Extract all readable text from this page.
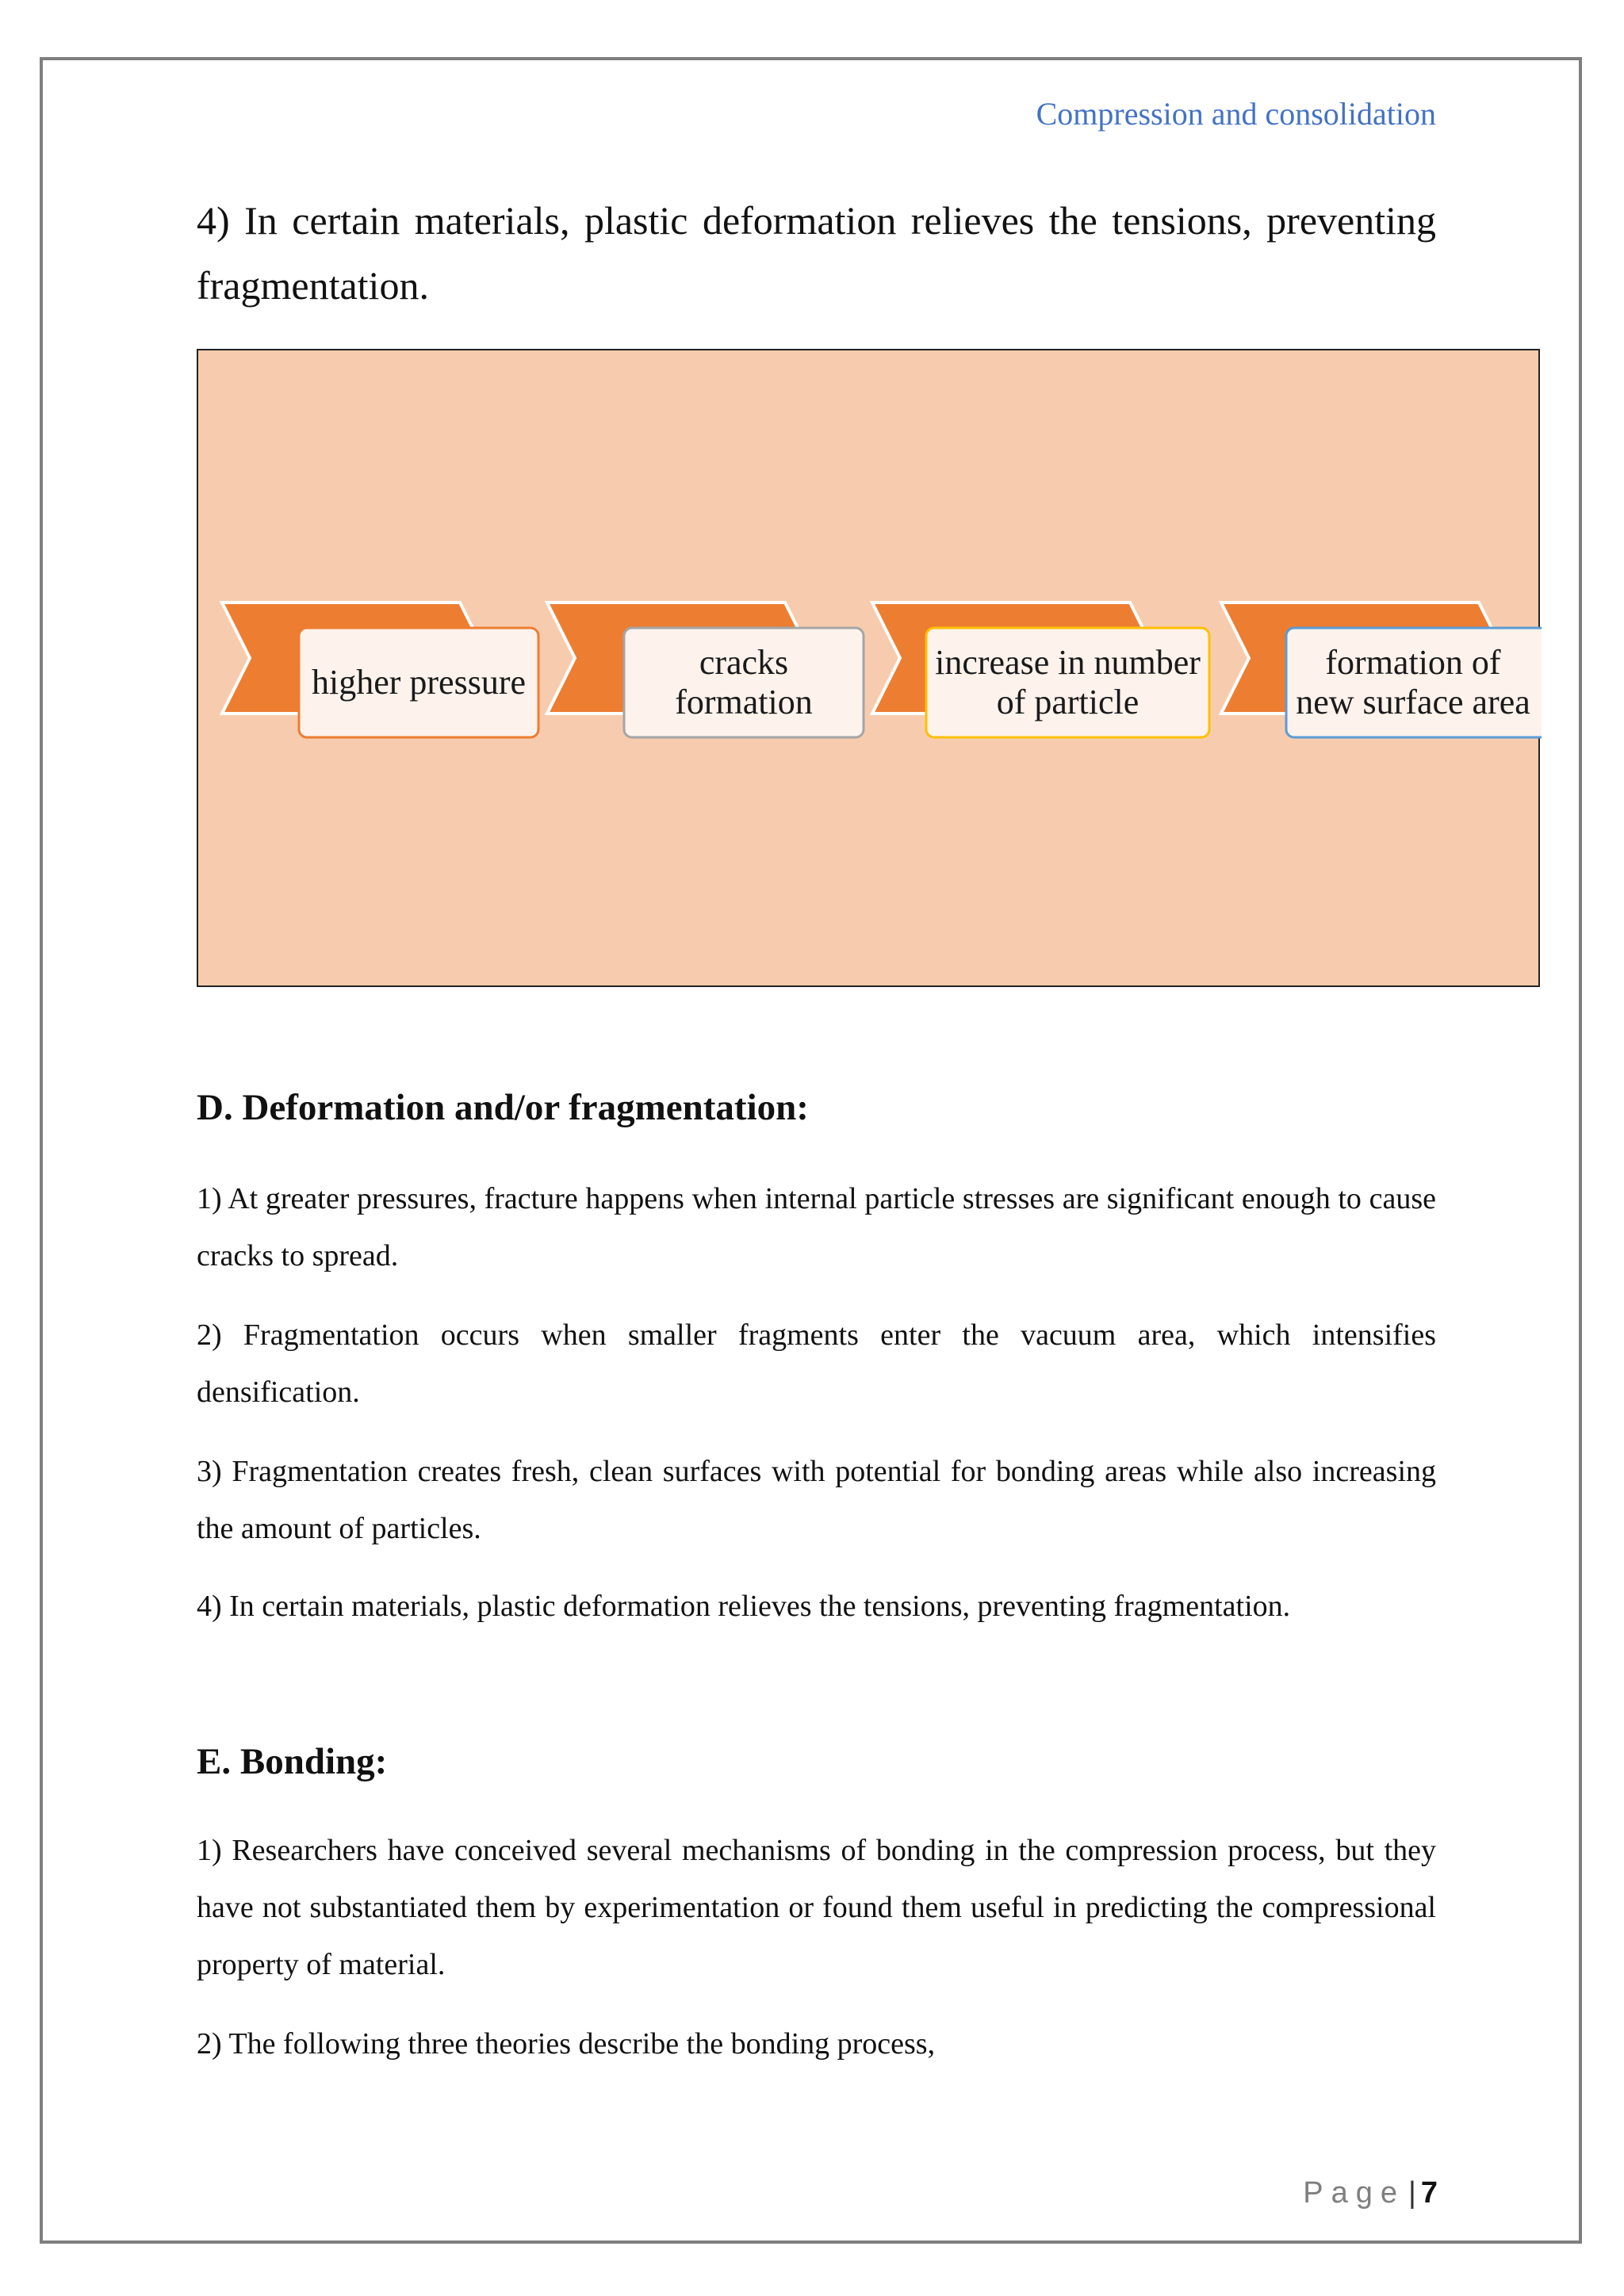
Compression and consolidation
4) In certain materials, plastic deformation relieves the tensions, preventing fragmentation.
higher pressure
cracks formation
increase in number of particle
formation of new surface area
D. Deformation and/or fragmentation:
1) At greater pressures, fracture happens when internal particle stresses are significant enough to cause cracks to spread.
2) Fragmentation occurs when smaller fragments enter the vacuum area, which intensifies densification.
3) Fragmentation creates fresh, clean surfaces with potential for bonding areas while also increasing the amount of particles.
4) In certain materials, plastic deformation relieves the tensions, preventing fragmentation.
E. Bonding:
1) Researchers have conceived several mechanisms of bonding in the compression process, but they have not substantiated them by experimentation or found them useful in predicting the compressional property of material.
2) The following three theories describe the bonding process,
Page | 7
